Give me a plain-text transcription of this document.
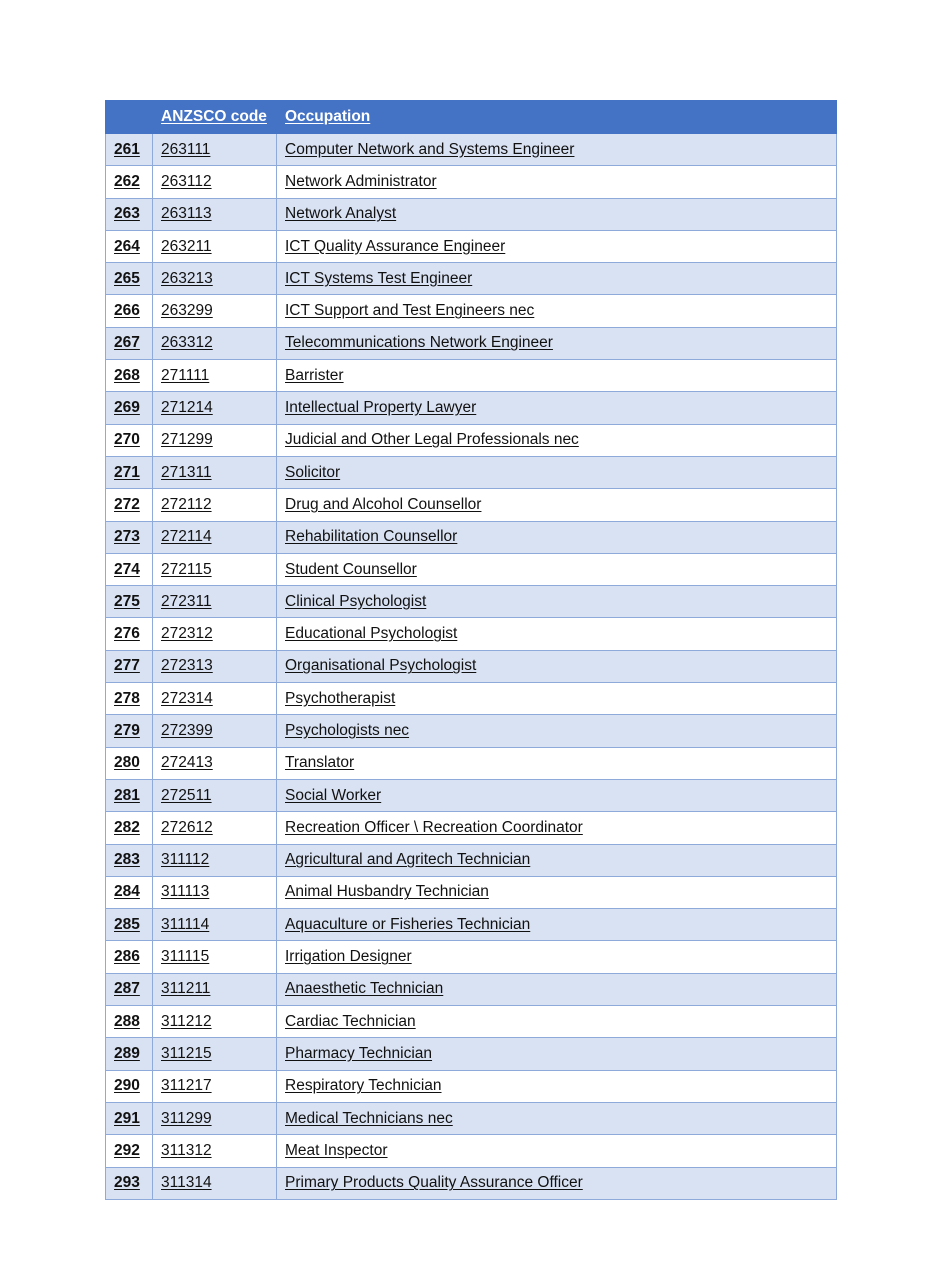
	ANZSCO code	Occupation
261	263111	Computer Network and Systems Engineer
262	263112	Network Administrator
263	263113	Network Analyst
264	263211	ICT Quality Assurance Engineer
265	263213	ICT Systems Test Engineer
266	263299	ICT Support and Test Engineers nec
267	263312	Telecommunications Network Engineer
268	271111	Barrister
269	271214	Intellectual Property Lawyer
270	271299	Judicial and Other Legal Professionals nec
271	271311	Solicitor
272	272112	Drug and Alcohol Counsellor
273	272114	Rehabilitation Counsellor
274	272115	Student Counsellor
275	272311	Clinical Psychologist
276	272312	Educational Psychologist
277	272313	Organisational Psychologist
278	272314	Psychotherapist
279	272399	Psychologists nec
280	272413	Translator
281	272511	Social Worker
282	272612	Recreation Officer \ Recreation Coordinator
283	311112	Agricultural and Agritech Technician
284	311113	Animal Husbandry Technician
285	311114	Aquaculture or Fisheries Technician
286	311115	Irrigation Designer
287	311211	Anaesthetic Technician
288	311212	Cardiac Technician
289	311215	Pharmacy Technician
290	311217	Respiratory Technician
291	311299	Medical Technicians nec
292	311312	Meat Inspector
293	311314	Primary Products Quality Assurance Officer
